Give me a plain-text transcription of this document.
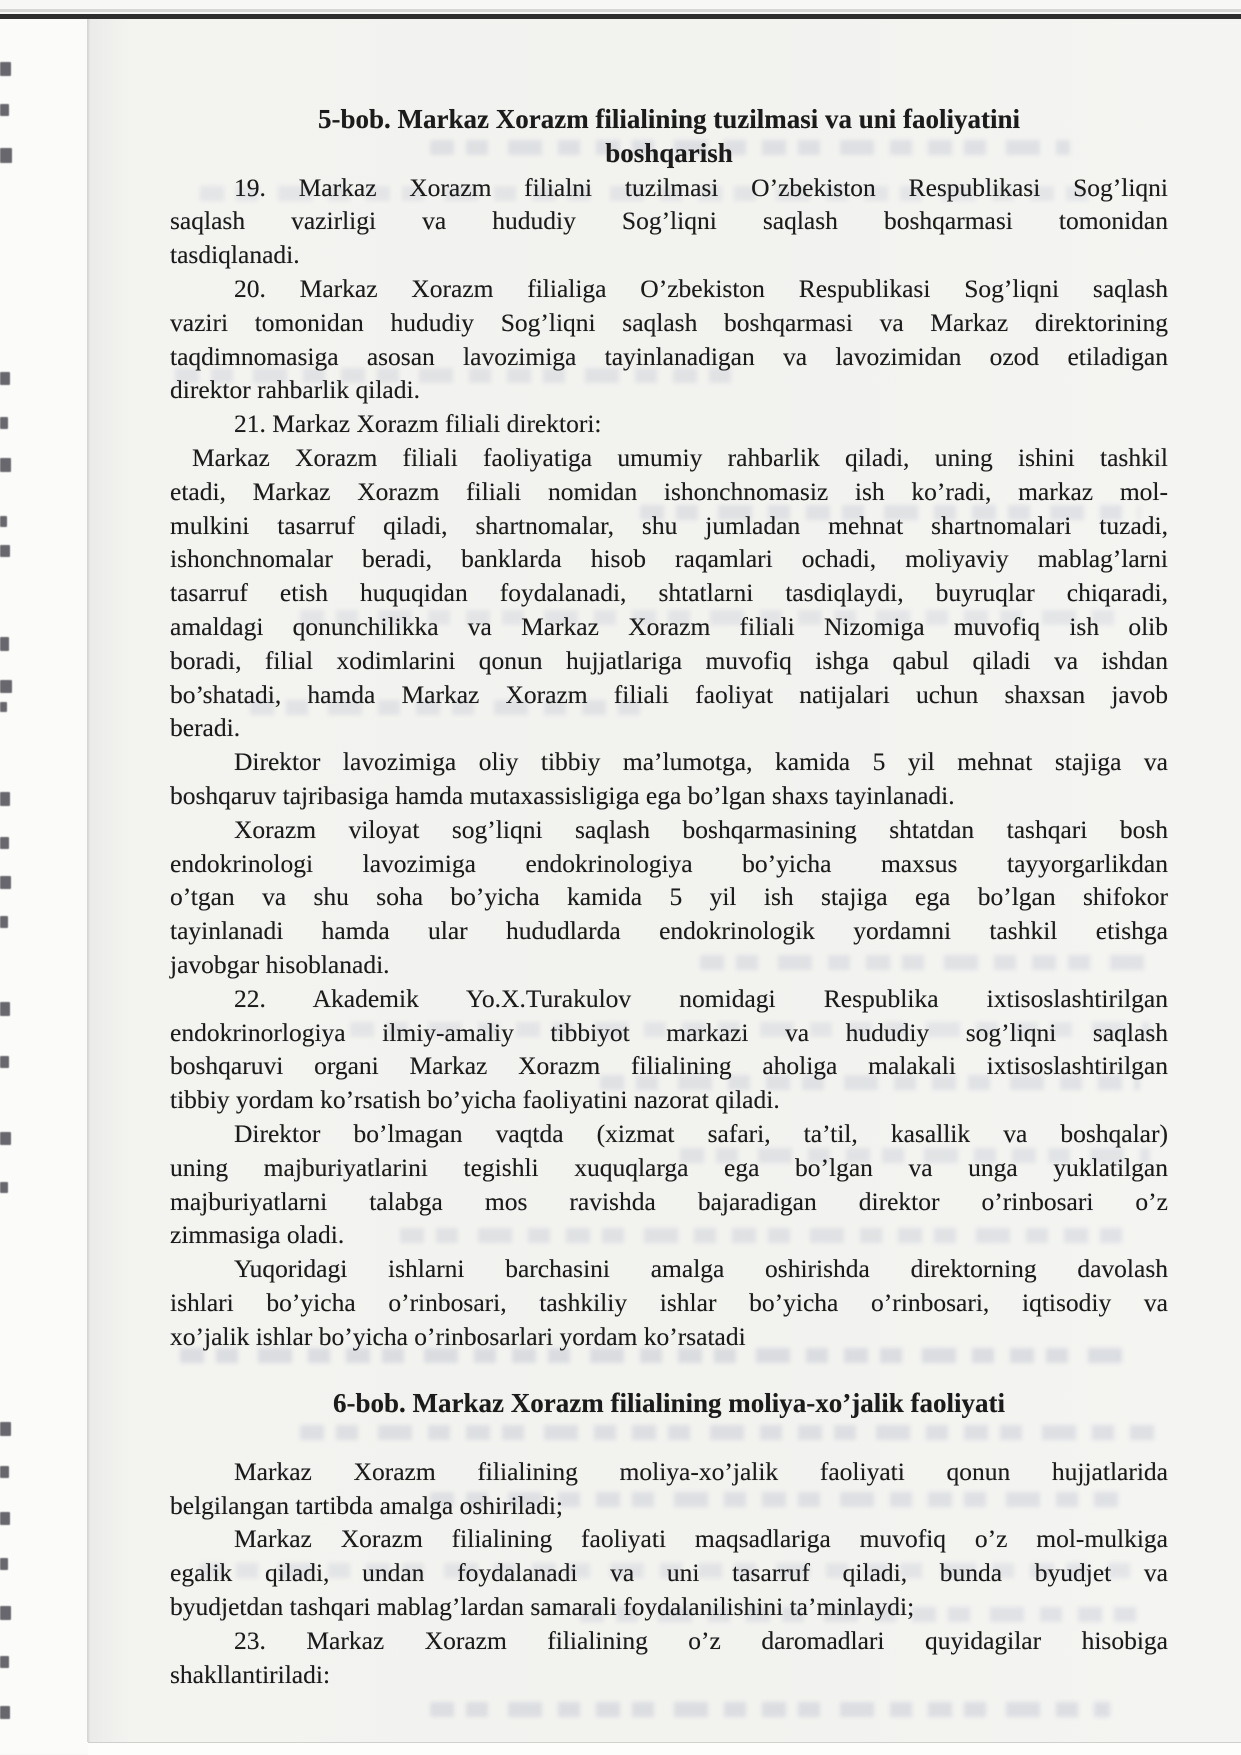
5-bob. Markaz Xorazm filialining tuzilmasi va uni faoliyatini
boshqarish
19. Markaz Xorazm filialni tuzilmasi O’zbekiston Respublikasi Sog’liqni
saqlash vazirligi va hududiy Sog’liqni saqlash boshqarmasi tomonidan
tasdiqlanadi.
20. Markaz Xorazm filialiga O’zbekiston Respublikasi Sog’liqni saqlash
vaziri tomonidan hududiy Sog’liqni saqlash boshqarmasi va Markaz direktorining
taqdimnomasiga asosan lavozimiga tayinlanadigan va lavozimidan ozod etiladigan
direktor rahbarlik qiladi.
21. Markaz Xorazm filiali direktori:
Markaz Xorazm filiali faoliyatiga umumiy rahbarlik qiladi, uning ishini tashkil
etadi, Markaz Xorazm filiali nomidan ishonchnomasiz ish ko’radi, markaz mol-
mulkini tasarruf qiladi, shartnomalar, shu jumladan mehnat shartnomalari tuzadi,
ishonchnomalar beradi, banklarda hisob raqamlari ochadi, moliyaviy mablag’larni
tasarruf etish huquqidan foydalanadi, shtatlarni tasdiqlaydi, buyruqlar chiqaradi,
amaldagi qonunchilikka va Markaz Xorazm filiali Nizomiga muvofiq ish olib
boradi, filial xodimlarini qonun hujjatlariga muvofiq ishga qabul qiladi va ishdan
bo’shatadi, hamda Markaz Xorazm filiali faoliyat natijalari uchun shaxsan javob
beradi.
Direktor lavozimiga oliy tibbiy ma’lumotga, kamida 5 yil mehnat stajiga va
boshqaruv tajribasiga hamda mutaxassisligiga ega bo’lgan shaxs tayinlanadi.
Xorazm viloyat sog’liqni saqlash boshqarmasining shtatdan tashqari bosh
endokrinologi lavozimiga endokrinologiya bo’yicha maxsus tayyorgarlikdan
o’tgan va shu soha bo’yicha kamida 5 yil ish stajiga ega bo’lgan shifokor
tayinlanadi hamda ular hududlarda endokrinologik yordamni tashkil etishga
javobgar hisoblanadi.
22. Akademik Yo.X.Turakulov nomidagi Respublika ixtisoslashtirilgan
endokrinorlogiya ilmiy-amaliy tibbiyot markazi va hududiy sog’liqni saqlash
boshqaruvi organi Markaz Xorazm filialining aholiga malakali ixtisoslashtirilgan
tibbiy yordam ko’rsatish bo’yicha faoliyatini nazorat qiladi.
Direktor bo’lmagan vaqtda (xizmat safari, ta’til, kasallik va boshqalar)
uning majburiyatlarini tegishli xuquqlarga ega bo’lgan va unga yuklatilgan
majburiyatlarni talabga mos ravishda bajaradigan direktor o’rinbosari o’z
zimmasiga oladi.
Yuqoridagi ishlarni barchasini amalga oshirishda direktorning davolash
ishlari bo’yicha o’rinbosari, tashkiliy ishlar bo’yicha o’rinbosari, iqtisodiy va
xo’jalik ishlar bo’yicha o’rinbosarlari yordam ko’rsatadi
6-bob. Markaz Xorazm filialining moliya-xo’jalik faoliyati
Markaz Xorazm filialining moliya-xo’jalik faoliyati qonun hujjatlarida
belgilangan tartibda amalga oshiriladi;
Markaz Xorazm filialining faoliyati maqsadlariga muvofiq o’z mol-mulkiga
egalik qiladi, undan foydalanadi va uni tasarruf qiladi, bunda byudjet va
byudjetdan tashqari mablag’lardan samarali foydalanilishini ta’minlaydi;
23. Markaz Xorazm filialining o’z daromadlari quyidagilar hisobiga
shakllantiriladi:
